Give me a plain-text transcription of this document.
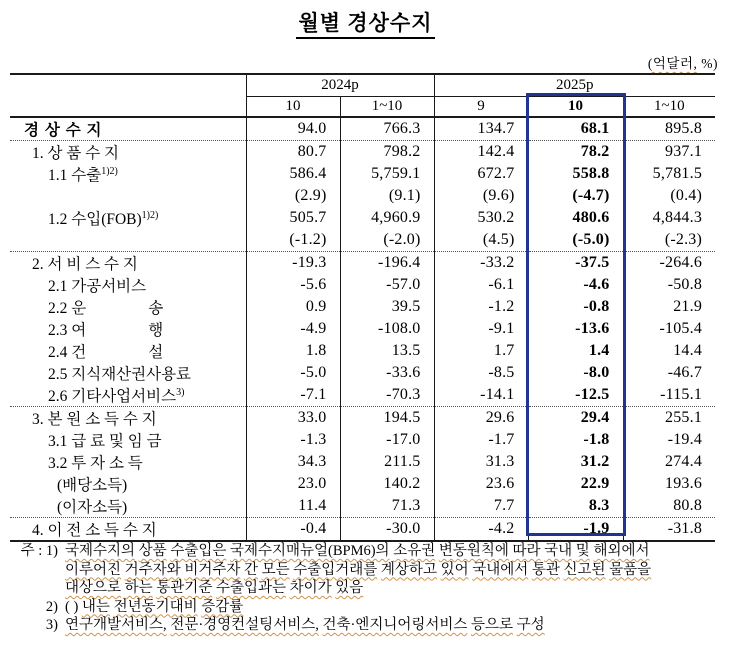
월별 경상수지
(억달러, %)
	2024p		2025p		
	10	1~10	9	10	1~10
경 상 수 지	94.0	766.3	134.7	68.1	895.8
1. 상 품 수 지	80.7	798.2	142.4	78.2	937.1
1.1 수출$^{1)2)}$	586.4	5,759.1	672.7	558.8	5,781.5
	(2.9)	(9.1)	(9.6)	(-4.7)	(0.4)
1.2 수입(FOB)$^{1)2)}$	505.7	4,960.9	530.2	480.6	4,844.3
	(-1.2)	(-2.0)	(4.5)	(-5.0)	(-2.3)
2. 서 비 스 수 지	-19.3	-196.4	-33.2	-37.5	-264.6
2.1 가공서비스	-5.6	-57.0	-6.1	-4.6	-50.8
2.2 운　　　　송	0.9	39.5	-1.2	-0.8	21.9
2.3 여　　　　행	-4.9	-108.0	-9.1	-13.6	-105.4
2.4 건　　　　설	1.8	13.5	1.7	1.4	14.4
2.5 지식재산권사용료	-5.0	-33.6	-8.5	-8.0	-46.7
2.6 기타사업서비스$^{3)}$	-7.1	-70.3	-14.1	-12.5	-115.1
3. 본 원 소 득 수 지	33.0	194.5	29.6	29.4	255.1
3.1 급 료 및 임 금	-1.3	-17.0	-1.7	-1.8	-19.4
3.2 투 자 소 득	34.3	211.5	31.3	31.2	274.4
(배당소득)	23.0	140.2	23.6	22.9	193.6
(이자소득)	11.4	71.3	7.7	8.3	80.8
4. 이 전 소 득 수 지	-0.4	-30.0	-4.2	-1.9	-31.8
주 : 1) 국제수지의 상품 수출입은 국제수지매뉴얼(BPM6)의 소유권 변동원칙에 따라 국내 및 해외에서
이루어진 거주자와 비거주자 간 모든 수출입거래를 계상하고 있어 국내에서 통관 신고된 물품을
대상으로 하는 통관기준 수출입과는 차이가 있음
2) ( ) 내는 전년동기대비 증감률
3) 연구개발서비스, 전문·경영컨설팅서비스, 건축·엔지니어링서비스 등으로 구성
